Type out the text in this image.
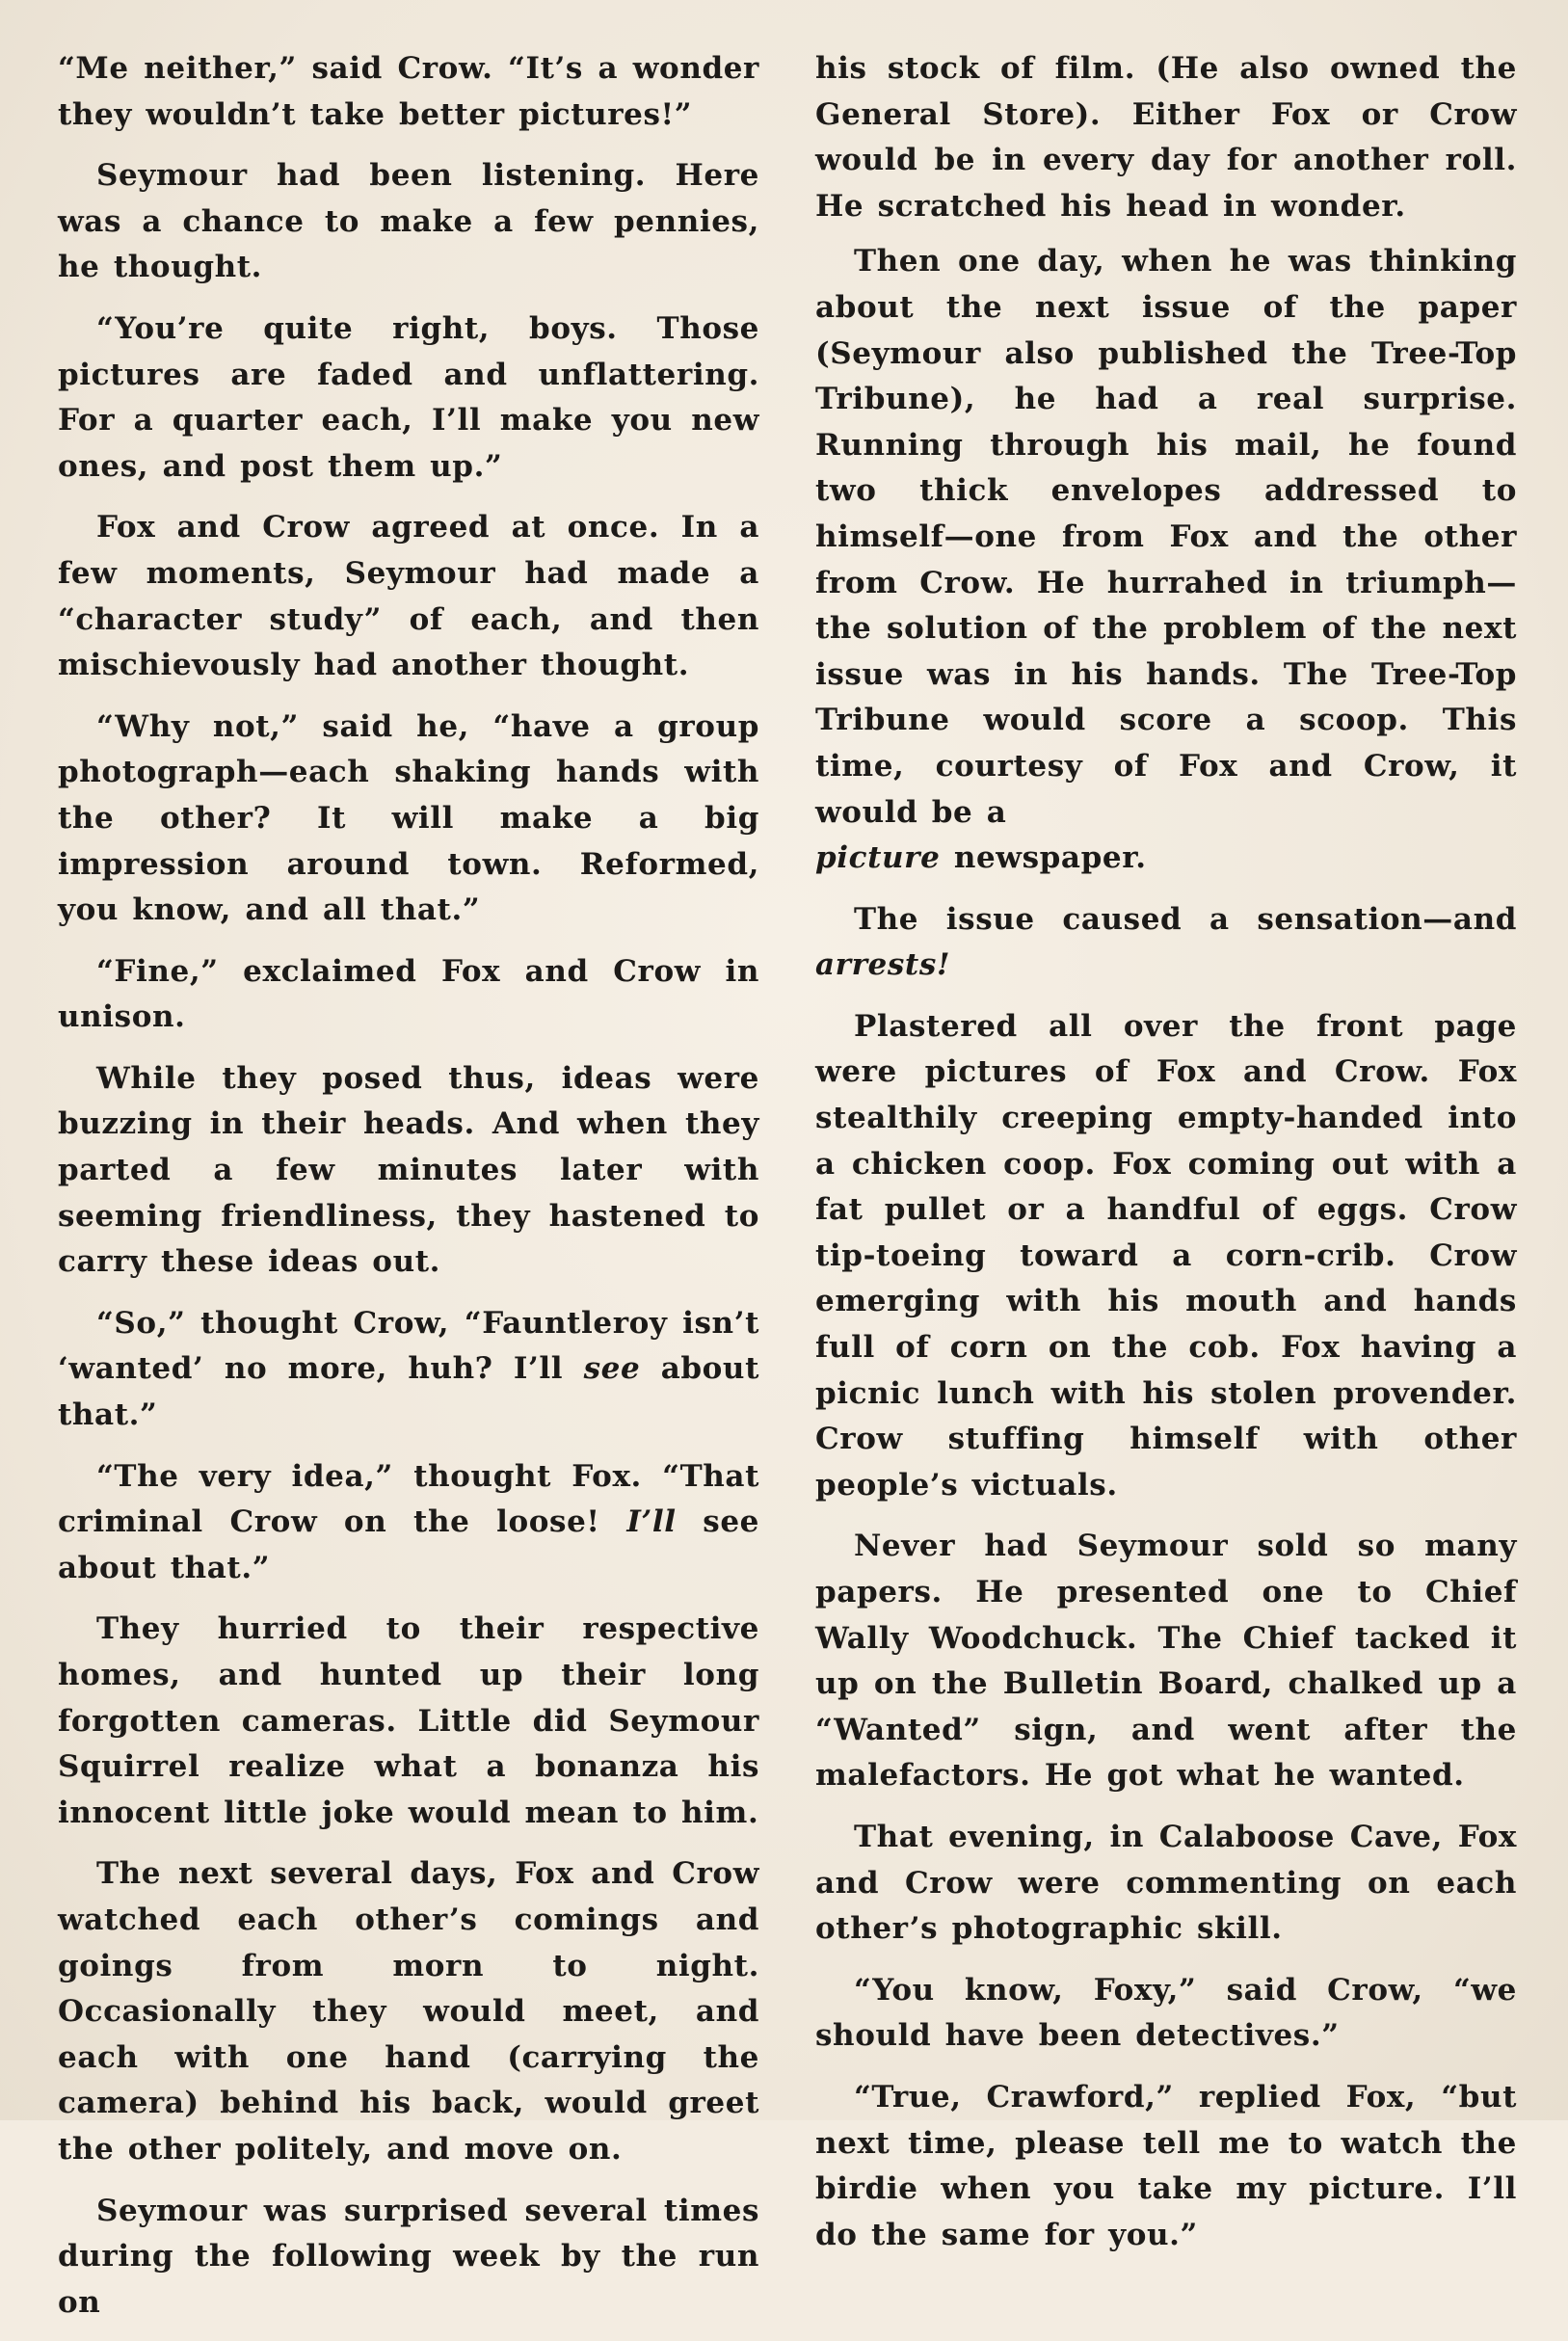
“Me neither,” said Crow. “It’s a wonder they wouldn’t take better pictures!”

Seymour had been listening. Here was a chance to make a few pennies, he thought.

“You’re quite right, boys. Those pictures are faded and unflattering. For a quarter each, I’ll make you new ones, and post them up.”

Fox and Crow agreed at once. In a few moments, Seymour had made a “character study” of each, and then mischievously had another thought.

“Why not,” said he, “have a group photograph—each shaking hands with the other? It will make a big impression around town. Reformed, you know, and all that.”

“Fine,” exclaimed Fox and Crow in unison.

While they posed thus, ideas were buzzing in their heads. And when they parted a few minutes later with seeming friendliness, they hastened to carry these ideas out.

“So,” thought Crow, “Fauntleroy isn’t ‘wanted’ no more, huh? I’ll see about that.”

“The very idea,” thought Fox. “That criminal Crow on the loose! I’ll see about that.”

They hurried to their respective homes, and hunted up their long forgotten cameras. Little did Seymour Squirrel realize what a bonanza his innocent little joke would mean to him.

The next several days, Fox and Crow watched each other’s comings and goings from morn to night. Occasionally they would meet, and each with one hand (carrying the camera) behind his back, would greet the other politely, and move on.

Seymour was surprised several times during the following week by the run on

his stock of film. (He also owned the General Store). Either Fox or Crow would be in every day for another roll. He scratched his head in wonder.

Then one day, when he was thinking about the next issue of the paper (Seymour also published the Tree-Top Tribune), he had a real surprise. Running through his mail, he found two thick envelopes addressed to himself—one from Fox and the other from Crow. He hurrahed in triumph—the solution of the problem of the next issue was in his hands. The Tree-Top Tribune would score a scoop. This time, courtesy of Fox and Crow, it would be a

picture newspaper.

The issue caused a sensation—and arrests!

Plastered all over the front page were pictures of Fox and Crow. Fox stealthily creeping empty-handed into a chicken coop. Fox coming out with a fat pullet or a handful of eggs. Crow tip-toeing toward a corn-crib. Crow emerging with his mouth and hands full of corn on the cob. Fox having a picnic lunch with his stolen provender. Crow stuffing himself with other people’s victuals.

Never had Seymour sold so many papers. He presented one to Chief Wally Woodchuck. The Chief tacked it up on the Bulletin Board, chalked up a “Wanted” sign, and went after the malefactors. He got what he wanted.

That evening, in Calaboose Cave, Fox and Crow were commenting on each other’s photographic skill.

“You know, Foxy,” said Crow, “we should have been detectives.”

“True, Crawford,” replied Fox, “but next time, please tell me to watch the birdie when you take my picture. I’ll do the same for you.”
